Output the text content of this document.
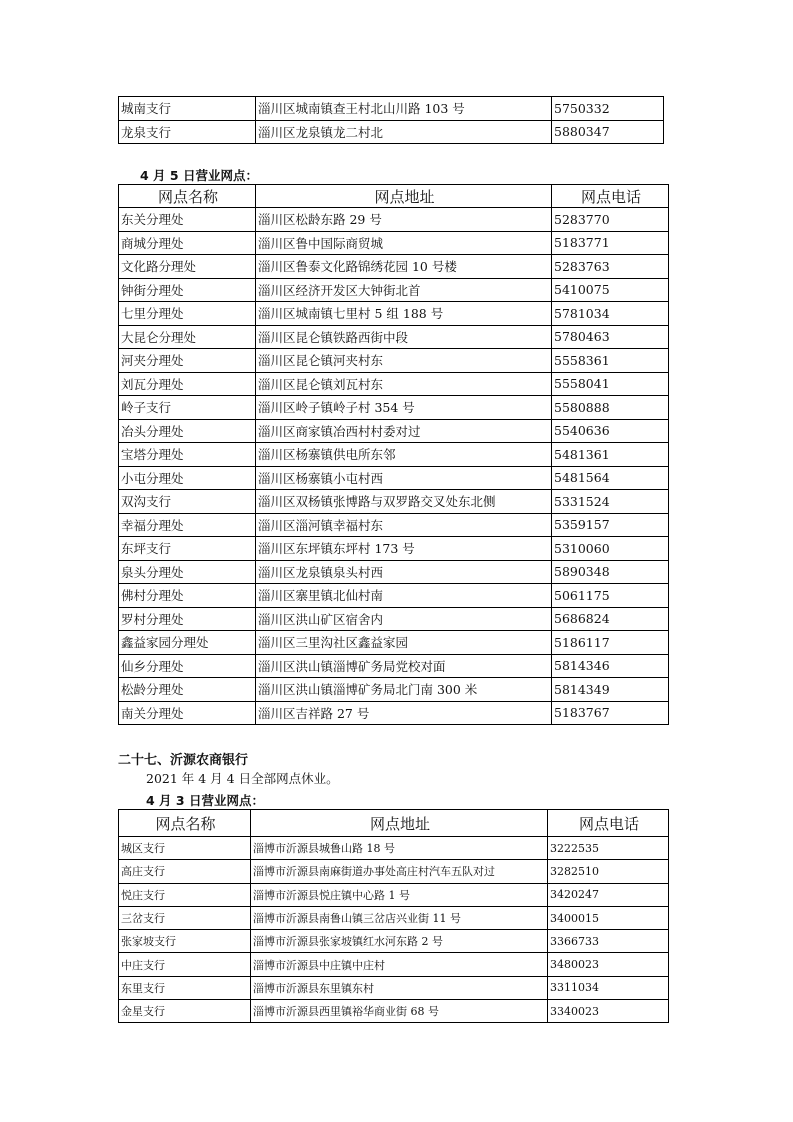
城南支行	淄川区城南镇查王村北山川路 103 号	5750332
龙泉支行	淄川区龙泉镇龙二村北	5880347
4 月 5 日营业网点：
网点名称	网点地址	网点电话
东关分理处	淄川区松龄东路 29 号	5283770
商城分理处	淄川区鲁中国际商贸城	5183771
文化路分理处	淄川区鲁泰文化路锦绣花园 10 号楼	5283763
钟街分理处	淄川区经济开发区大钟街北首	5410075
七里分理处	淄川区城南镇七里村 5 组 188 号	5781034
大昆仑分理处	淄川区昆仑镇铁路西街中段	5780463
河夹分理处	淄川区昆仑镇河夹村东	5558361
刘瓦分理处	淄川区昆仑镇刘瓦村东	5558041
岭子支行	淄川区岭子镇岭子村 354 号	5580888
冶头分理处	淄川区商家镇冶西村村委对过	5540636
宝塔分理处	淄川区杨寨镇供电所东邻	5481361
小屯分理处	淄川区杨寨镇小屯村西	5481564
双沟支行	淄川区双杨镇张博路与双罗路交叉处东北侧	5331524
幸福分理处	淄川区淄河镇幸福村东	5359157
东坪支行	淄川区东坪镇东坪村 173 号	5310060
泉头分理处	淄川区龙泉镇泉头村西	5890348
佛村分理处	淄川区寨里镇北仙村南	5061175
罗村分理处	淄川区洪山矿区宿舍内	5686824
鑫益家园分理处	淄川区三里沟社区鑫益家园	5186117
仙乡分理处	淄川区洪山镇淄博矿务局党校对面	5814346
松龄分理处	淄川区洪山镇淄博矿务局北门南 300 米	5814349
南关分理处	淄川区吉祥路 27 号	5183767
二十七、沂源农商银行
2021 年 4 月 4 日全部网点休业。
4 月 3 日营业网点：
网点名称	网点地址	网点电话
城区支行	淄博市沂源县城鲁山路 18 号	3222535
高庄支行	淄博市沂源县南麻街道办事处高庄村汽车五队对过	3282510
悦庄支行	淄博市沂源县悦庄镇中心路 1 号	3420247
三岔支行	淄博市沂源县南鲁山镇三岔店兴业街 11 号	3400015
张家坡支行	淄博市沂源县张家坡镇红水河东路 2 号	3366733
中庄支行	淄博市沂源县中庄镇中庄村	3480023
东里支行	淄博市沂源县东里镇东村	3311034
金星支行	淄博市沂源县西里镇裕华商业街 68 号	3340023
